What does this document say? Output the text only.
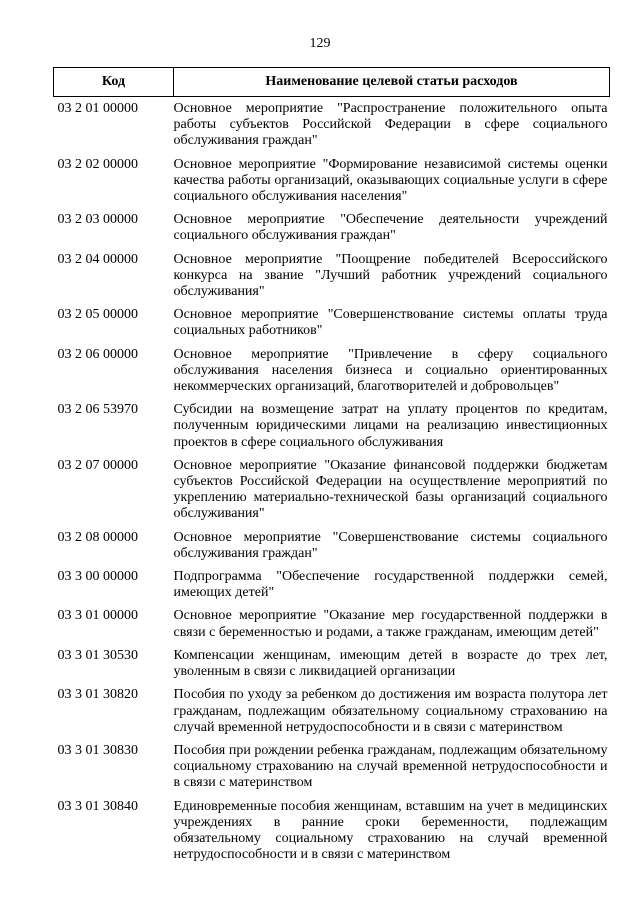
129
Код	Наименование целевой статьи расходов
03 2 01 00000	Основное мероприятие "Распространение положительного опыта работы субъектов Российской Федерации в сфере социального обслуживания граждан"
03 2 02 00000	Основное мероприятие "Формирование независимой системы оценки качества работы организаций, оказывающих социальные услуги в сфере социального обслуживания населения"
03 2 03 00000	Основное мероприятие "Обеспечение деятельности учреждений социального обслуживания граждан"
03 2 04 00000	Основное мероприятие "Поощрение победителей Всероссийского конкурса на звание "Лучший работник учреждений социального обслуживания"
03 2 05 00000	Основное мероприятие "Совершенствование системы оплаты труда социальных работников"
03 2 06 00000	Основное мероприятие "Привлечение в сферу социального обслуживания населения бизнеса и социально ориентированных некоммерческих организаций, благотворителей и добровольцев"
03 2 06 53970	Субсидии на возмещение затрат на уплату процентов по кредитам, полученным юридическими лицами на реализацию инвестиционных проектов в сфере социального обслуживания
03 2 07 00000	Основное мероприятие "Оказание финансовой поддержки бюджетам субъектов Российской Федерации на осуществление мероприятий по укреплению материально-технической базы организаций социального обслуживания"
03 2 08 00000	Основное мероприятие "Совершенствование системы социального обслуживания граждан"
03 3 00 00000	Подпрограмма "Обеспечение государственной поддержки семей, имеющих детей"
03 3 01 00000	Основное мероприятие "Оказание мер государственной поддержки в связи с беременностью и родами, а также гражданам, имеющим детей"
03 3 01 30530	Компенсации женщинам, имеющим детей в возрасте до трех лет, уволенным в связи с ликвидацией организации
03 3 01 30820	Пособия по уходу за ребенком до достижения им возраста полутора лет гражданам, подлежащим обязательному социальному страхованию на случай временной нетрудоспособности и в связи с материнством
03 3 01 30830	Пособия при рождении ребенка гражданам, подлежащим обязательному социальному страхованию на случай временной нетрудоспособности и в связи с материнством
03 3 01 30840	Единовременные пособия женщинам, вставшим на учет в медицинских учреждениях в ранние сроки беременности, подлежащим обязательному социальному страхованию на случай временной нетрудоспособности и в связи с материнством
